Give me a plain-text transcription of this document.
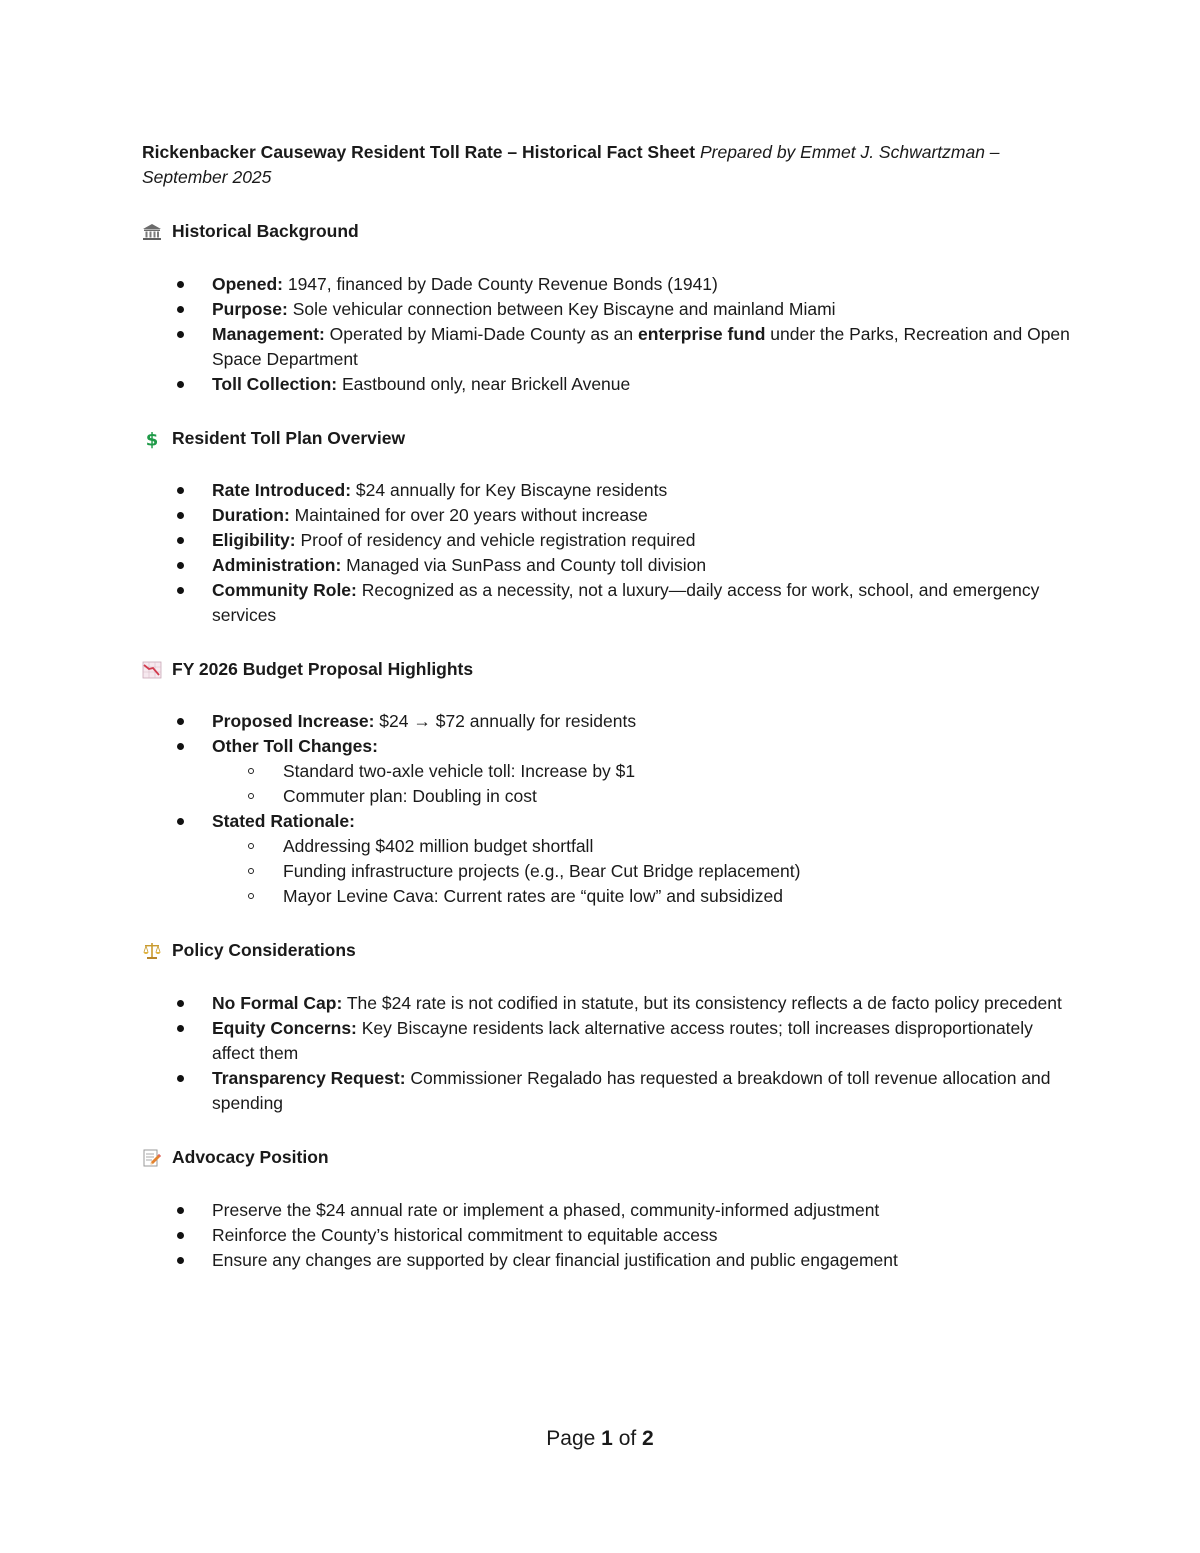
Rickenbacker Causeway Resident Toll Rate – Historical Fact Sheet Prepared by Emmet J. Schwartzman – September 2025

Historical Background
Opened: 1947, financed by Dade County Revenue Bonds (1941)
Purpose: Sole vehicular connection between Key Biscayne and mainland Miami
Management: Operated by Miami-Dade County as an enterprise fund under the Parks, Recreation and Open Space Department
Toll Collection: Eastbound only, near Brickell Avenue
$ Resident Toll Plan Overview
Rate Introduced: $24 annually for Key Biscayne residents
Duration: Maintained for over 20 years without increase
Eligibility: Proof of residency and vehicle registration required
Administration: Managed via SunPass and County toll division
Community Role: Recognized as a necessity, not a luxury—daily access for work, school, and emergency services
FY 2026 Budget Proposal Highlights
Proposed Increase: $24 → $72 annually for residents
Other Toll Changes:
Standard two-axle vehicle toll: Increase by $1
Commuter plan: Doubling in cost
Stated Rationale:
Addressing $402 million budget shortfall
Funding infrastructure projects (e.g., Bear Cut Bridge replacement)
Mayor Levine Cava: Current rates are “quite low” and subsidized
Policy Considerations
No Formal Cap: The $24 rate is not codified in statute, but its consistency reflects a de facto policy precedent
Equity Concerns: Key Biscayne residents lack alternative access routes; toll increases disproportionately affect them
Transparency Request: Commissioner Regalado has requested a breakdown of toll revenue allocation and spending
Advocacy Position
Preserve the $24 annual rate or implement a phased, community-informed adjustment
Reinforce the County’s historical commitment to equitable access
Ensure any changes are supported by clear financial justification and public engagement
Page 1 of 2
